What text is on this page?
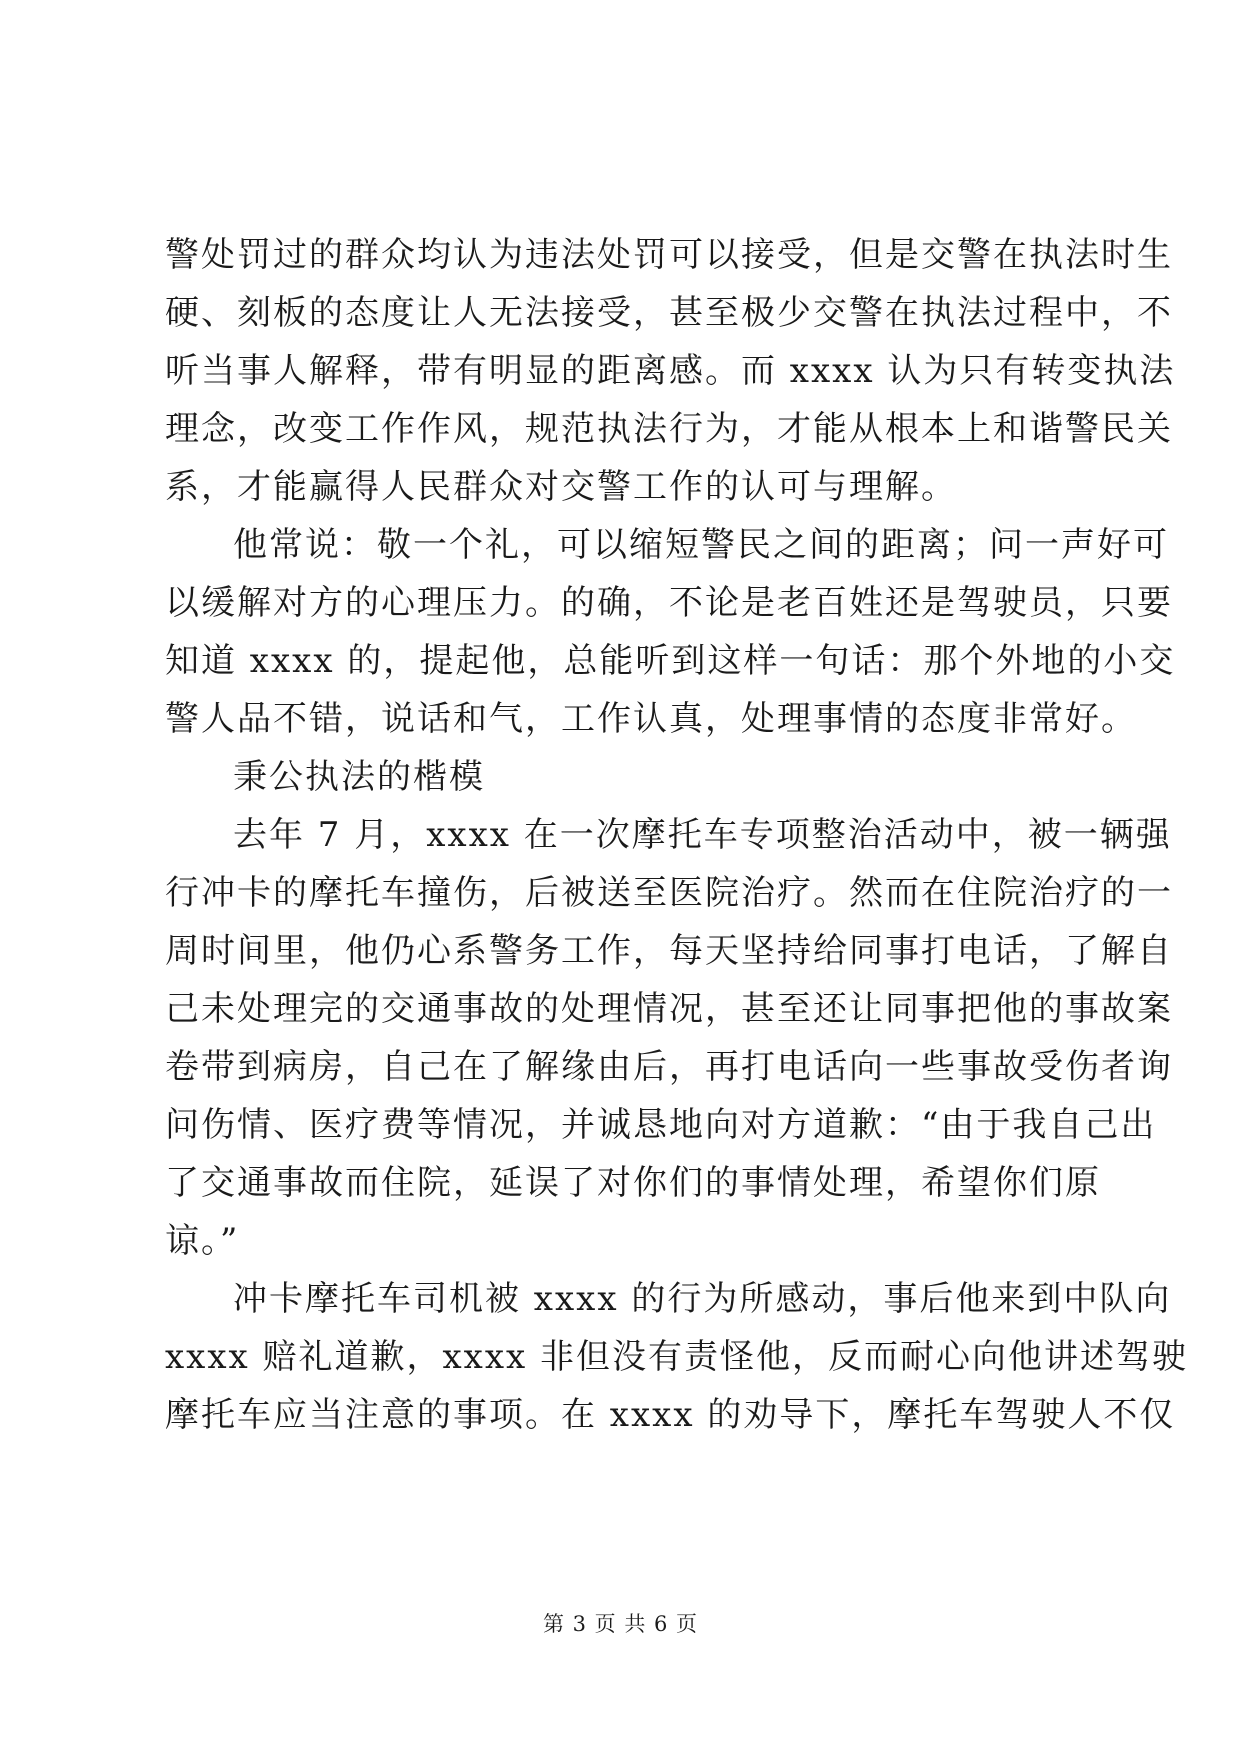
警处罚过的群众均认为违法处罚可以接受，但是交警在执法时生
硬、刻板的态度让人无法接受，甚至极少交警在执法过程中，不
听当事人解释，带有明显的距离感。而 xxxx 认为只有转变执法
理念，改变工作作风，规范执法行为，才能从根本上和谐警民关
系，才能赢得人民群众对交警工作的认可与理解。
他常说：敬一个礼，可以缩短警民之间的距离；问一声好可
以缓解对方的心理压力。的确，不论是老百姓还是驾驶员，只要
知道 xxxx 的，提起他，总能听到这样一句话：那个外地的小交
警人品不错，说话和气，工作认真，处理事情的态度非常好。
秉公执法的楷模
去年 7 月，xxxx 在一次摩托车专项整治活动中，被一辆强
行冲卡的摩托车撞伤，后被送至医院治疗。然而在住院治疗的一
周时间里，他仍心系警务工作，每天坚持给同事打电话，了解自
己未处理完的交通事故的处理情况，甚至还让同事把他的事故案
卷带到病房，自己在了解缘由后，再打电话向一些事故受伤者询
问伤情、医疗费等情况，并诚恳地向对方道歉：“由于我自己出
了交通事故而住院，延误了对你们的事情处理，希望你们原
谅。”
冲卡摩托车司机被 xxxx 的行为所感动，事后他来到中队向
xxxx 赔礼道歉，xxxx 非但没有责怪他，反而耐心向他讲述驾驶
摩托车应当注意的事项。在 xxxx 的劝导下，摩托车驾驶人不仅
第 3 页 共 6 页
